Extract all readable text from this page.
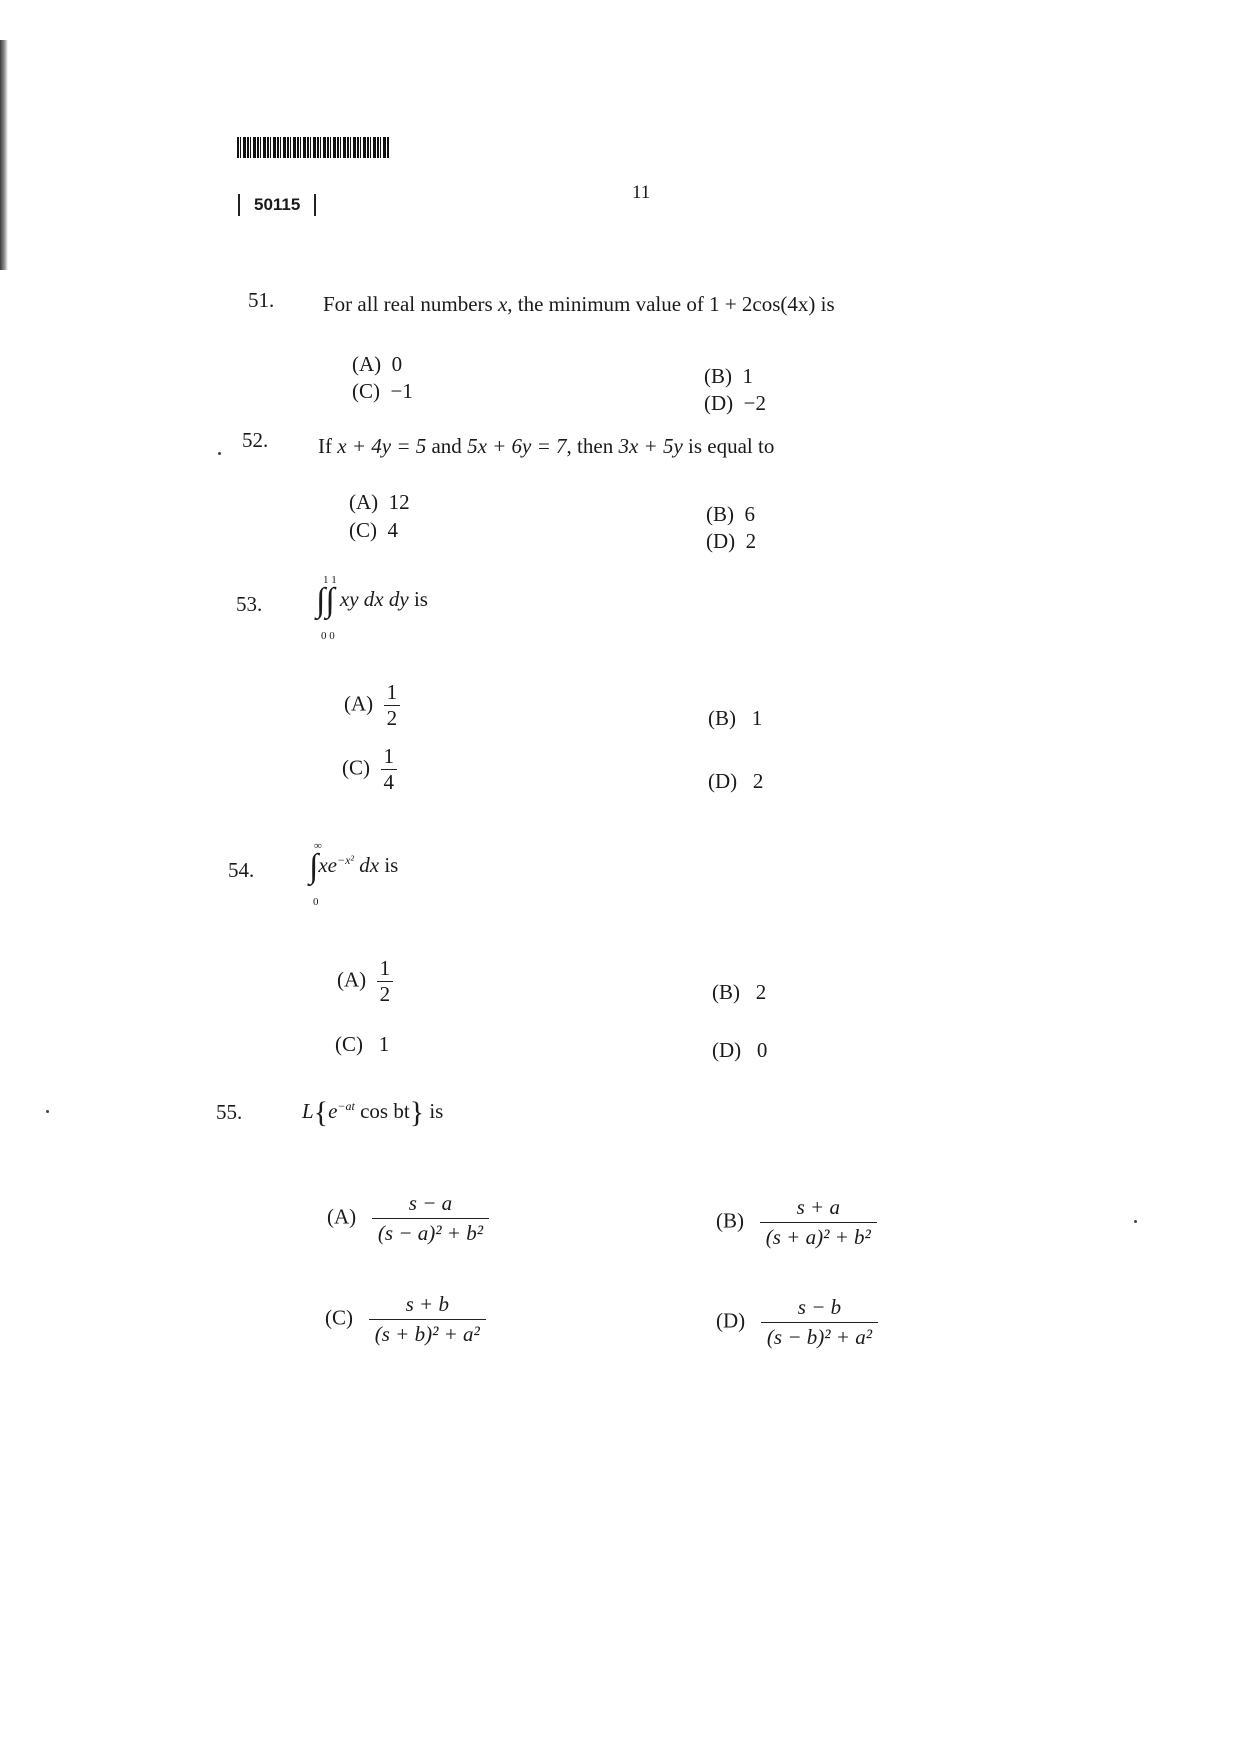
50115
11
51. For all real numbers x, the minimum value of 1 + 2cos(4x) is
(A) 0
(C) −1
(B) 1
(D) −2
52. If x + 4y = 5 and 5x + 6y = 7, then 3x + 5y is equal to
(A) 12
(C) 4
(B) 6
(D) 2
53.
1 1
∫∫ xy dx dy is
0 0
$(A) \frac{1}{2}$
$(C) \frac{1}{4}$
(B) 1
(D) 2
54.
∞
$\int xe^{-x^2}$ dx is
0
$(A) \frac{1}{2}$
(C) 1
(B) 2
(D) 0
55.	$L\{e^{-at}$ cos bt} is
$(A) \frac{s - a}{\text{(s − a)² + b²}}$	$(B) \frac{s + a}{\text{(s + a)² + b²}}$
$(C) \frac{s + b}{\text{(s + b)² + a²}}$	$(D) \frac{s - b}{\text{(s − b)² + a²}}$
